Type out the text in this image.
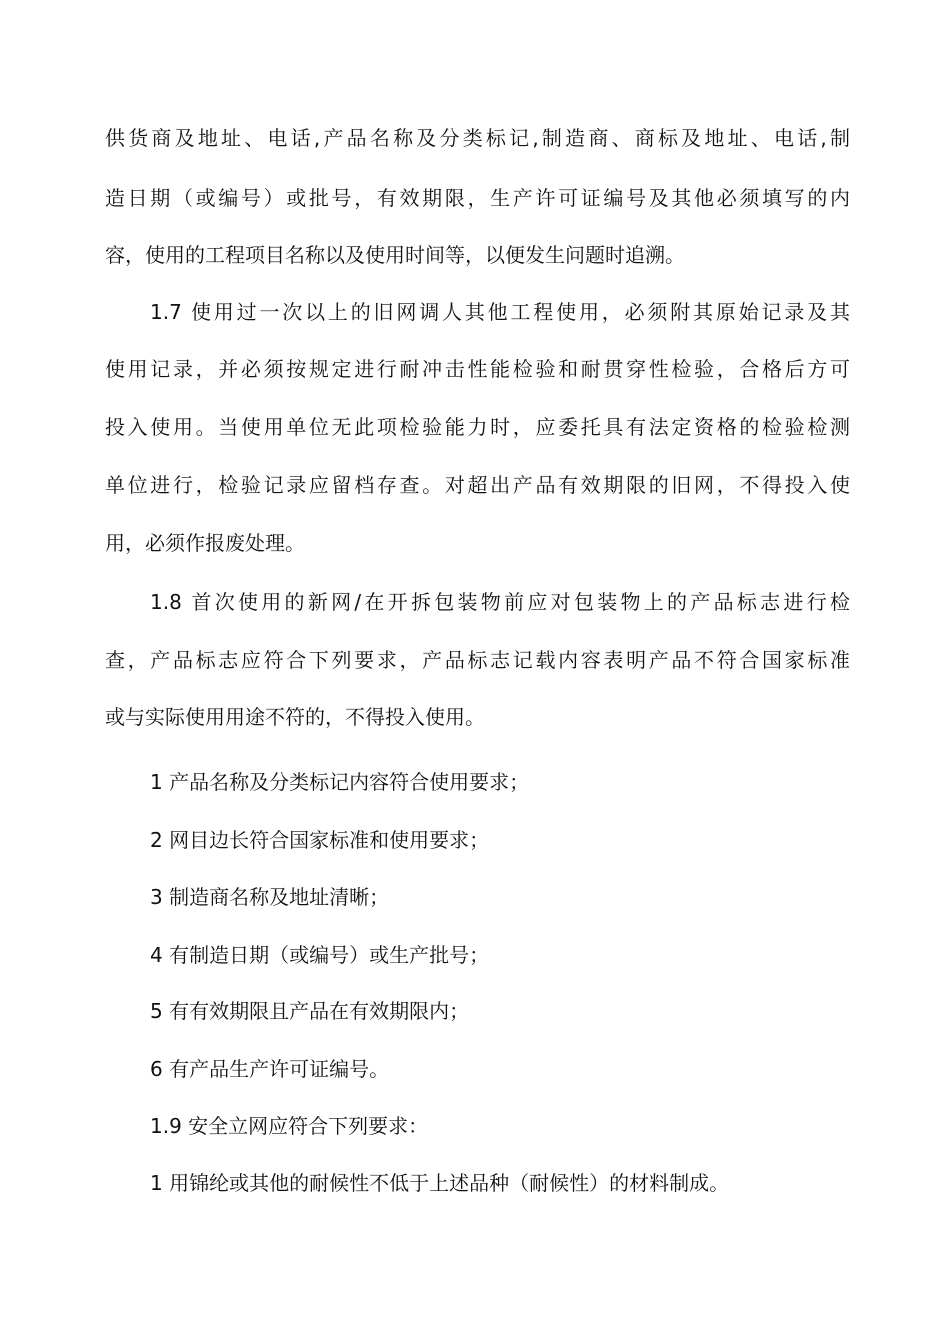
供货商及地址、电话,产品名称及分类标记,制造商、商标及地址、电话,制
造日期（或编号）或批号，有效期限，生产许可证编号及其他必须填写的内
容，使用的工程项目名称以及使用时间等，以便发生问题时追溯。
1.7 使用过一次以上的旧网调人其他工程使用，必须附其原始记录及其
使用记录，并必须按规定进行耐冲击性能检验和耐贯穿性检验，合格后方可
投入使用。当使用单位无此项检验能力时，应委托具有法定资格的检验检测
单位进行，检验记录应留档存查。对超出产品有效期限的旧网，不得投入使
用，必须作报废处理。
1.8 首次使用的新网/在开拆包装物前应对包装物上的产品标志进行检
查，产品标志应符合下列要求，产品标志记载内容表明产品不符合国家标准
或与实际使用用途不符的，不得投入使用。
1 产品名称及分类标记内容符合使用要求；
2 网目边长符合国家标准和使用要求；
3 制造商名称及地址清晰；
4 有制造日期（或编号）或生产批号；
5 有有效期限且产品在有效期限内；
6 有产品生产许可证编号。
1.9 安全立网应符合下列要求：
1 用锦纶或其他的耐候性不低于上述品种（耐候性）的材料制成。
